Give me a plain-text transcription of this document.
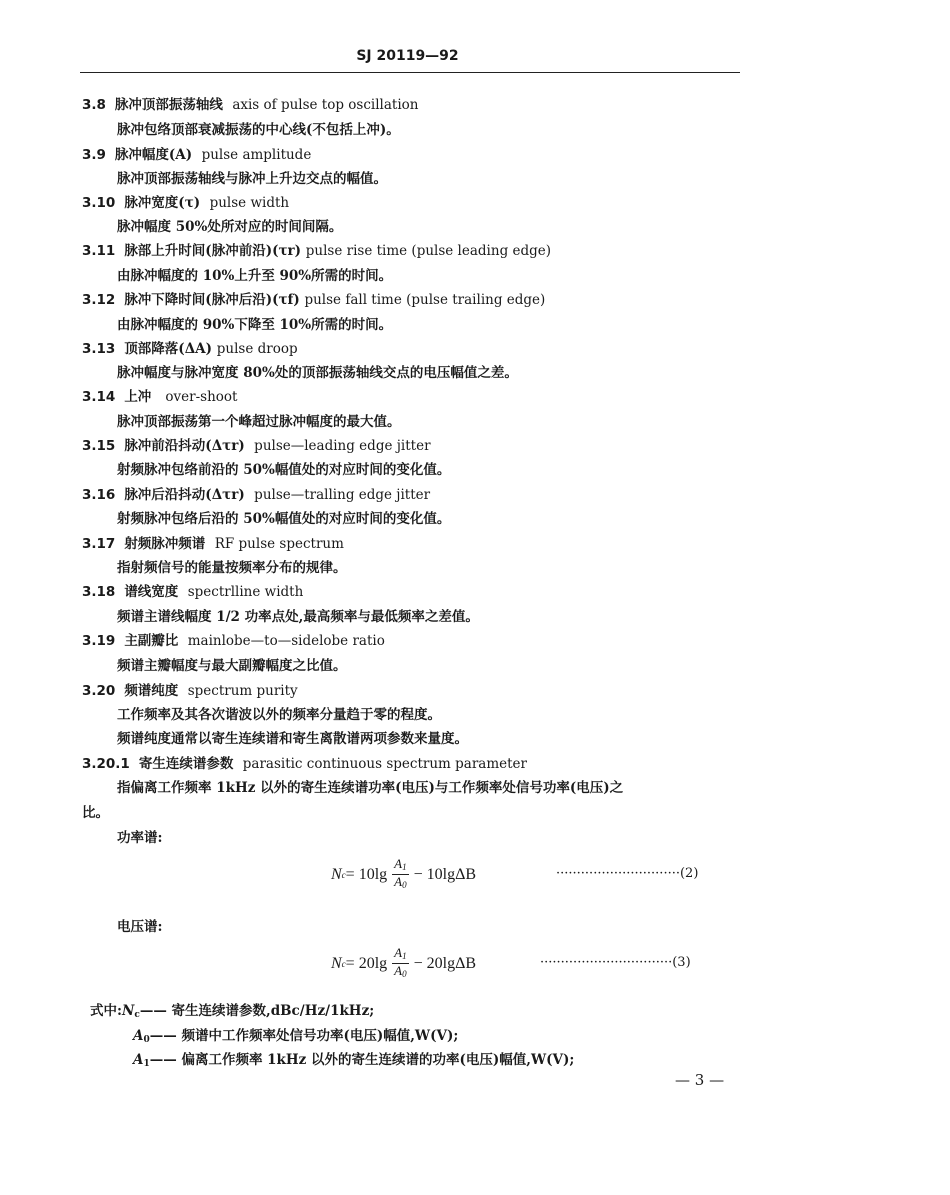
SJ 20119—92
3.8 脉冲顶部振荡轴线 axis of pulse top oscillation
脉冲包络顶部衰减振荡的中心线(不包括上冲)。
3.9 脉冲幅度(A) pulse amplitude
脉冲顶部振荡轴线与脉冲上升边交点的幅值。
3.10 脉冲宽度(τ) pulse width
脉冲幅度 50%处所对应的时间间隔。
3.11 脉部上升时间(脉冲前沿)(τr) pulse rise time (pulse leading edge)
由脉冲幅度的 10%上升至 90%所需的时间。
3.12 脉冲下降时间(脉冲后沿)(τf) pulse fall time (pulse trailing edge)
由脉冲幅度的 90%下降至 10%所需的时间。
3.13 顶部降落(ΔA) pulse droop
脉冲幅度与脉冲宽度 80%处的顶部振荡轴线交点的电压幅值之差。
3.14 上冲 over-shoot
脉冲顶部振荡第一个峰超过脉冲幅度的最大值。
3.15 脉冲前沿抖动(Δτr) pulse—leading edge jitter
射频脉冲包络前沿的 50%幅值处的对应时间的变化值。
3.16 脉冲后沿抖动(Δτr) pulse—tralling edge jitter
射频脉冲包络后沿的 50%幅值处的对应时间的变化值。
3.17 射频脉冲频谱 RF pulse spectrum
指射频信号的能量按频率分布的规律。
3.18 谱线宽度 spectrlline width
频谱主谱线幅度 1/2 功率点处,最高频率与最低频率之差值。
3.19 主副瓣比 mainlobe—to—sidelobe ratio
频谱主瓣幅度与最大副瓣幅度之比值。
3.20 频谱纯度 spectrum purity
工作频率及其各次谐波以外的频率分量趋于零的程度。
频谱纯度通常以寄生连续谱和寄生离散谱两项参数来量度。
3.20.1 寄生连续谱参数 parasitic continuous spectrum parameter
指偏离工作频率 1kHz 以外的寄生连续谱功率(电压)与工作频率处信号功率(电压)之
比。
功率谱:
N $c = 10\lg \frac{A_1}{A_0} - 10\lg\Delta B$	······························(2)
电压谱:
N $c = 20\lg \frac{A_1}{A_0} - 20\lg\Delta B$	································(3)
式中$:N_c——$ 寄生连续谱参数,dBc/Hz/1kHz;
$A_0——$ 频谱中工作频率处信号功率(电压)幅值,W(V);
$A_1——$ 偏离工作频率 1kHz 以外的寄生连续谱的功率(电压)幅值,W(V);
— 3 —
